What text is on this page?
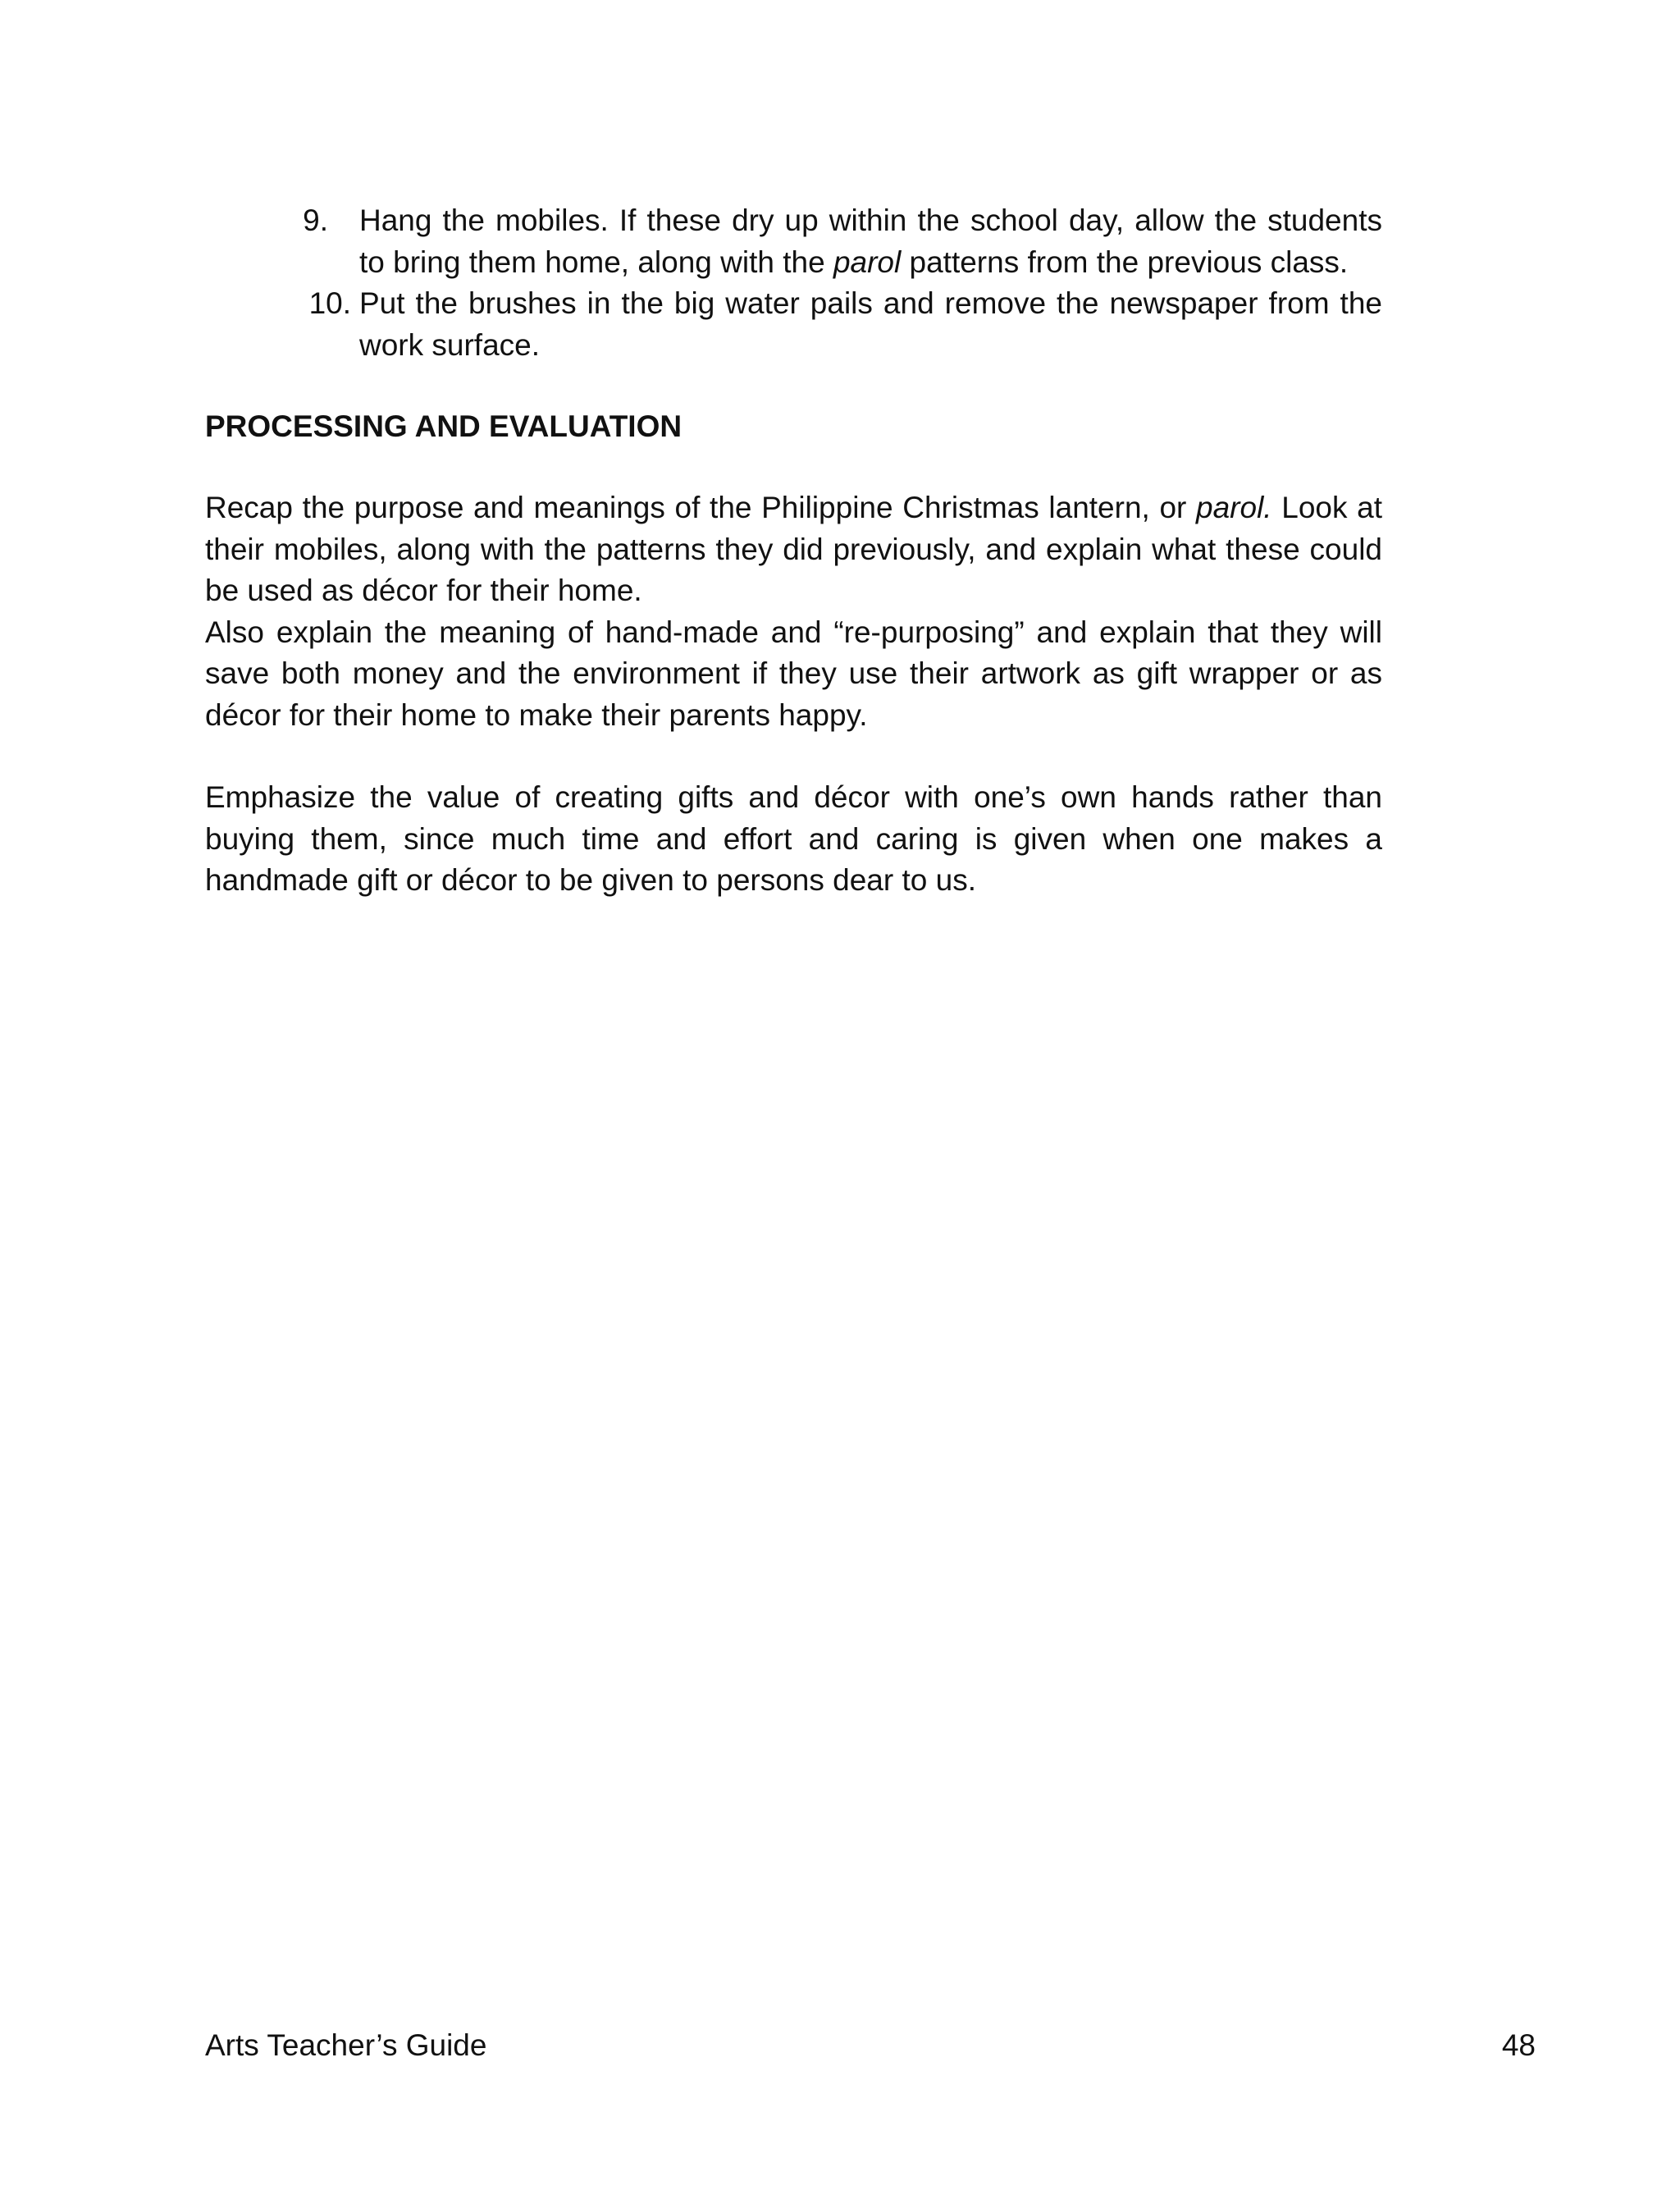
9. Hang the mobiles. If these dry up within the school day, allow the students to bring them home, along with the parol patterns from the previous class.
10. Put the brushes in the big water pails and remove the newspaper from the work surface.
PROCESSING AND EVALUATION
Recap the purpose and meanings of the Philippine Christmas lantern, or parol. Look at their mobiles, along with the patterns they did previously, and explain what these could be used as décor for their home.
Also explain the meaning of hand-made and “re-purposing” and explain that they will save both money and the environment if they use their artwork as gift wrapper or as décor for their home to make their parents happy.
Emphasize the value of creating gifts and décor with one’s own hands rather than buying them, since much time and effort and caring is given when one makes a handmade gift or décor to be given to persons dear to us.
Arts Teacher’s Guide	48
